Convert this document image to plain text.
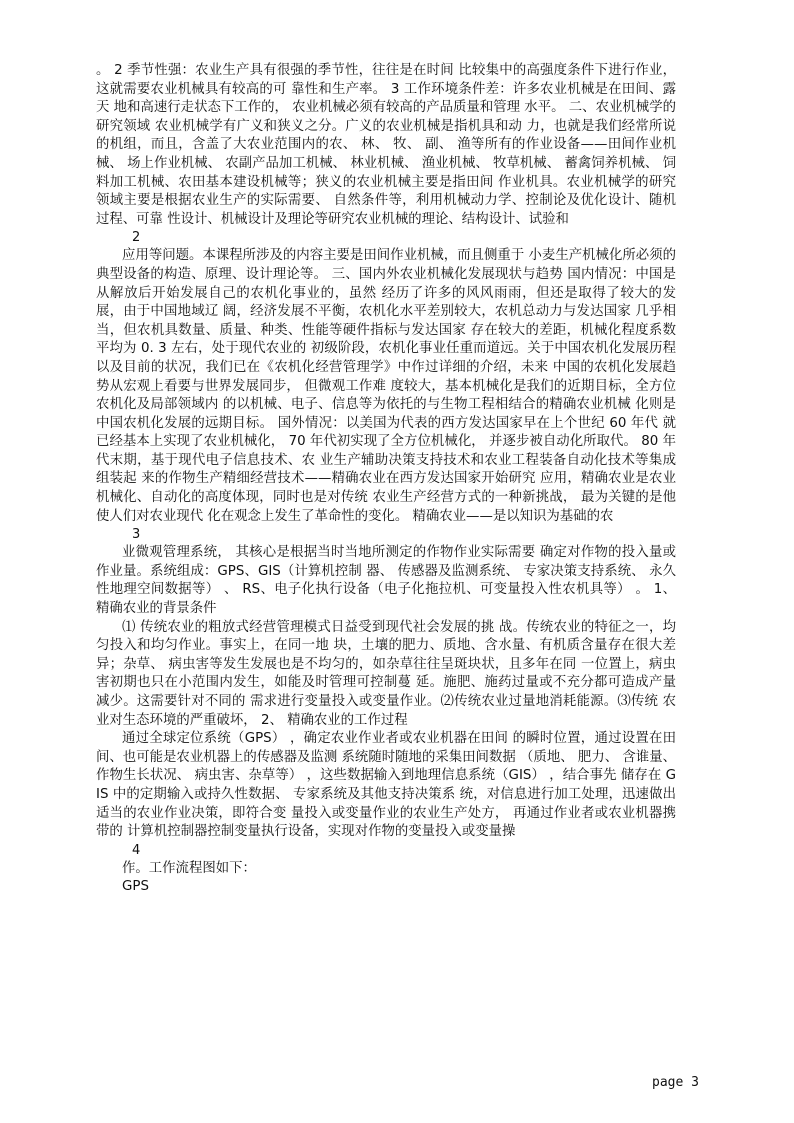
。 2 季节性强：农业生产具有很强的季节性，往往是在时间 比较集中的高强度条件下进行作业， 这就需要农业机械具有较高的可 靠性和生产率。 3 工作环境条件差：许多农业机械是在田间、露天 地和高速行走状态下工作的， 农业机械必须有较高的产品质量和管理 水平。 二、农业机械学的研究领域 农业机械学有广义和狭义之分。广义的农业机械是指机具和动 力，也就是我们经常所说的机组，而且，含盖了大农业范围内的农、 林、 牧、 副、 渔等所有的作业设备——田间作业机械、 场上作业机械、 农副产品加工机械、 林业机械、 渔业机械、 牧草机械、 蓄禽饲养机械、 饲料加工机械、农田基本建设机械等；狭义的农业机械主要是指田间 作业机具。农业机械学的研究领域主要是根据农业生产的实际需要、 自然条件等，利用机械动力学、控制论及优化设计、随机过程、可靠 性设计、机械设计及理论等研究农业机械的理论、结构设计、试验和

2

应用等问题。本课程所涉及的内容主要是田间作业机械，而且侧重于 小麦生产机械化所必须的典型设备的构造、原理、设计理论等。 三、国内外农业机械化发展现状与趋势 国内情况：中国是从解放后开始发展自己的农机化事业的，虽然 经历了许多的风风雨雨，但还是取得了较大的发展，由于中国地域辽 阔，经济发展不平衡，农机化水平差别较大，农机总动力与发达国家 几乎相当，但农机具数量、质量、种类、性能等硬件指标与发达国家 存在较大的差距，机械化程度系数平均为 0. 3 左右，处于现代农业的 初级阶段，农机化事业任重而道远。关于中国农机化发展历程以及目前的状况，我们已在《农机化经营管理学》中作过详细的介绍，未来 中国的农机化发展趋势从宏观上看要与世界发展同步， 但微观工作难 度较大，基本机械化是我们的近期目标，全方位农机化及局部领域内 的以机械、电子、信息等为依托的与生物工程相结合的精确农业机械 化则是中国农机化发展的远期目标。 国外情况：以美国为代表的西方发达国家早在上个世纪 60 年代 就已经基本上实现了农业机械化， 70 年代初实现了全方位机械化， 并逐步被自动化所取代。 80 年代末期，基于现代电子信息技术、农 业生产辅助决策支持技术和农业工程装备自动化技术等集成组装起 来的作物生产精细经营技术——精确农业在西方发达国家开始研究 应用，精确农业是农业机械化、自动化的高度体现，同时也是对传统 农业生产经营方式的一种新挑战， 最为关键的是他使人们对农业现代 化在观念上发生了革命性的变化。 精确农业——是以知识为基础的农

3

业微观管理系统， 其核心是根据当时当地所测定的作物作业实际需要 确定对作物的投入量或作业量。系统组成：GPS、GIS（计算机控制 器、 传感器及监测系统、 专家决策支持系统、 永久性地理空间数据等） 、 RS、电子化执行设备（电子化拖拉机、可变量投入性农机具等） 。 1、 精确农业的背景条件

⑴ 传统农业的粗放式经营管理模式日益受到现代社会发展的挑 战。传统农业的特征之一，均匀投入和均匀作业。事实上，在同一地 块，土壤的肥力、质地、含水量、有机质含量存在很大差异；杂草、 病虫害等发生发展也是不均匀的，如杂草往往呈斑块状，且多年在同 一位置上，病虫害初期也只在小范围内发生，如能及时管理可控制蔓 延。施肥、施药过量或不充分都可造成产量减少。这需要针对不同的 需求进行变量投入或变量作业。⑵传统农业过量地消耗能源。⑶传统 农业对生态环境的严重破坏， 2、 精确农业的工作过程

通过全球定位系统（GPS） ，确定农业作业者或农业机器在田间 的瞬时位置，通过设置在田间、也可能是农业机器上的传感器及监测 系统随时随地的采集田间数据 （质地、 肥力、 含谁量、 作物生长状况、 病虫害、杂草等） ，这些数据输入到地理信息系统（GIS） ，结合事先 储存在 GIS 中的定期输入或持久性数据、 专家系统及其他支持决策系 统，对信息进行加工处理，迅速做出适当的农业作业决策，即符合变 量投入或变量作业的农业生产处方， 再通过作业者或农业机器携带的 计算机控制器控制变量执行设备，实现对作物的变量投入或变量操

4

作。工作流程图如下：

GPS

page 3
